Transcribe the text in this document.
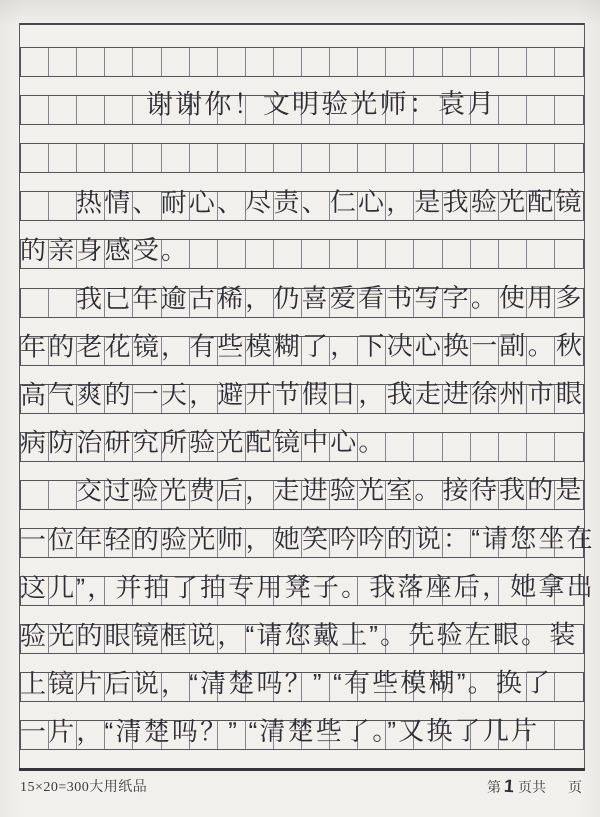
谢谢你！文明验光师：袁月
热情、耐心、尽责、仁心，是我验光配镜
的亲身感受。
我已年逾古稀，仍喜爱看书写字。使用多
年的老花镜，有些模糊了，下决心换一副。秋
高气爽的一天，避开节假日，我走进徐州市眼
病防治研究所验光配镜中心。
交过验光费后，走进验光室。接待我的是
一位年轻的验光师，她笑吟吟的说：“请您坐在
这儿”，并拍了拍专用凳子。我落座后，她拿出
验光的眼镜框说，“请您戴上”。先验左眼。装
上镜片后说，“清楚吗？” “有些模糊”。换了
一片，“清楚吗？” “清楚些了。”又换了几片
15×20=300大用纸品	第 1 页共 页
